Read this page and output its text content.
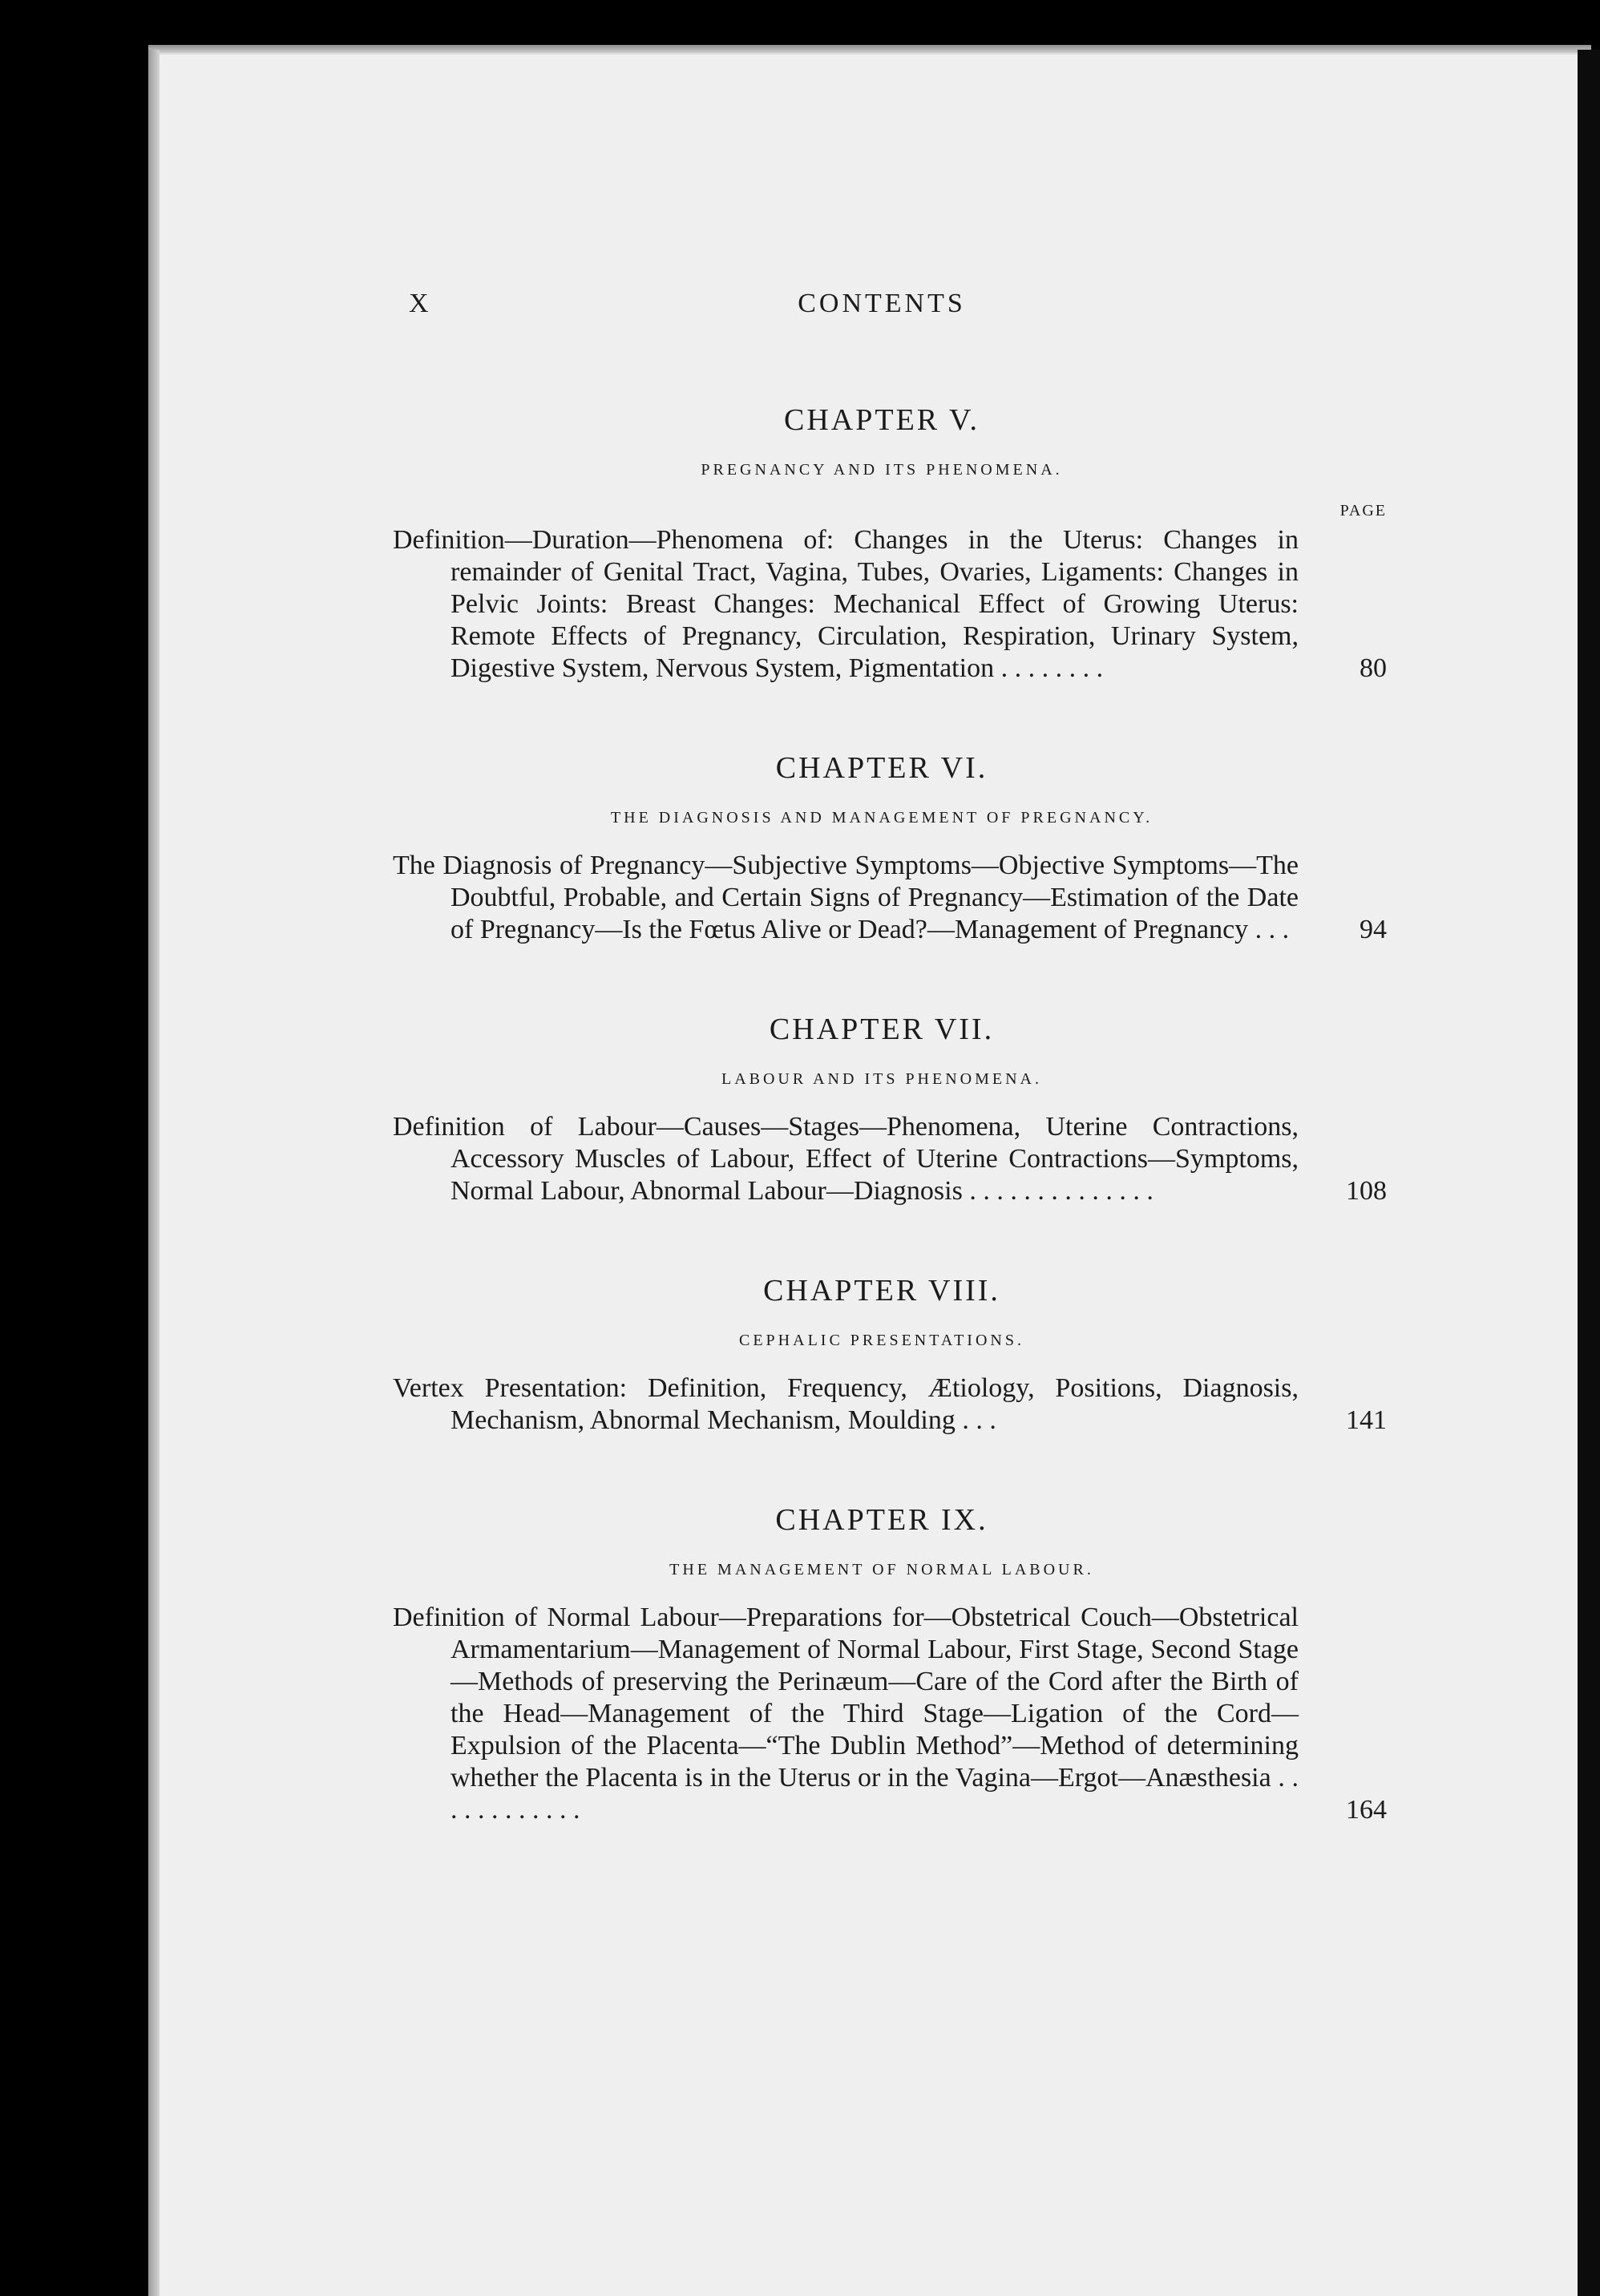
X	CONTENTS
CHAPTER V.
PREGNANCY AND ITS PHENOMENA.
PAGE
Definition—Duration—Phenomena of: Changes in the Uterus: Changes in remainder of Genital Tract, Vagina, Tubes, Ovaries, Ligaments: Changes in Pelvic Joints: Breast Changes: Mechanical Effect of Growing Uterus: Remote Effects of Pregnancy, Circulation, Respiration, Urinary System, Digestive System, Nervous System, Pigmentation . . . . . . . .	80
CHAPTER VI.
THE DIAGNOSIS AND MANAGEMENT OF PREGNANCY.
The Diagnosis of Pregnancy—Subjective Symptoms—Objective Symptoms—The Doubtful, Probable, and Certain Signs of Pregnancy—Estimation of the Date of Pregnancy—Is the Fœtus Alive or Dead?—Management of Pregnancy . . .	94
CHAPTER VII.
LABOUR AND ITS PHENOMENA.
Definition of Labour—Causes—Stages—Phenomena, Uterine Contractions, Accessory Muscles of Labour, Effect of Uterine Contractions—Symptoms, Normal Labour, Abnormal Labour—Diagnosis . . . . . . . . . . . . . .	108
CHAPTER VIII.
CEPHALIC PRESENTATIONS.
Vertex Presentation: Definition, Frequency, Ætiology, Positions, Diagnosis, Mechanism, Abnormal Mechanism, Moulding . . .	141
CHAPTER IX.
THE MANAGEMENT OF NORMAL LABOUR.
Definition of Normal Labour—Preparations for—Obstetrical Couch—Obstetrical Armamentarium—Management of Normal Labour, First Stage, Second Stage—Methods of preserving the Perinæum—Care of the Cord after the Birth of the Head—Management of the Third Stage—Ligation of the Cord—Expulsion of the Placenta—“The Dublin Method”—Method of determining whether the Placenta is in the Uterus or in the Vagina—Ergot—Anæsthesia . . . . . . . . . . . .	164
